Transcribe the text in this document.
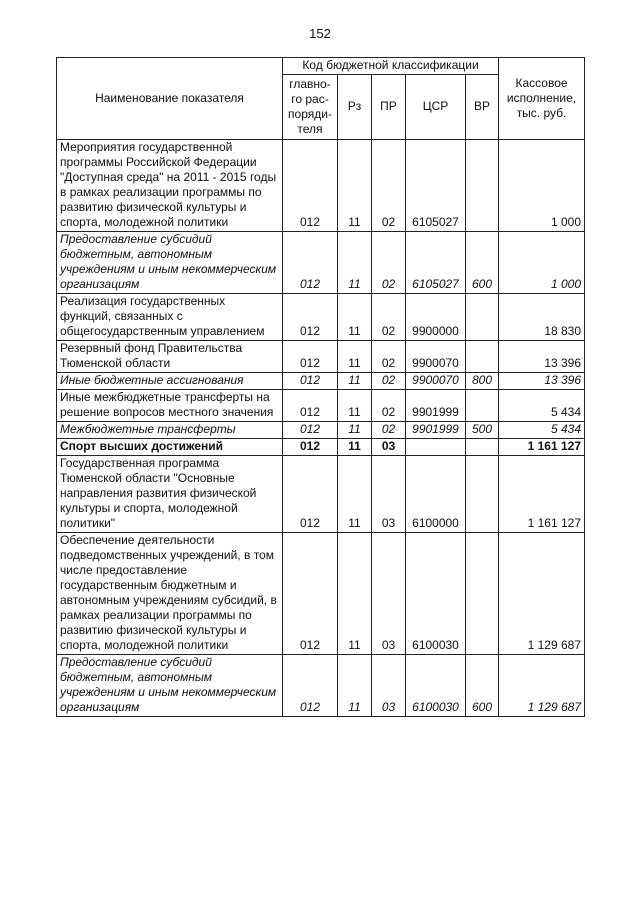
152
Наименование показателя	Код бюджетной классификации					Кассовое исполнение, тыс. руб.
	главно-го рас-поряди-теля	Рз	ПР	ЦСР	ВР	
Мероприятия государственной программы Российской Федерации "Доступная среда" на 2011 - 2015 годы в рамках реализации программы по развитию физической культуры и спорта, молодежной политики	012	11	02	6105027		1 000
Предоставление субсидий бюджетным, автономным учреждениям и иным некоммерческим организациям	012	11	02	6105027	600	1 000
Реализация государственных функций, связанных с общегосударственным управлением	012	11	02	9900000		18 830
Резервный фонд Правительства Тюменской области	012	11	02	9900070		13 396
Иные бюджетные ассигнования	012	11	02	9900070	800	13 396
Иные межбюджетные трансферты на решение вопросов местного значения	012	11	02	9901999		5 434
Межбюджетные трансферты	012	11	02	9901999	500	5 434
Спорт высших достижений	012	11	03			1 161 127
Государственная программа Тюменской области "Основные направления развития физической культуры и спорта, молодежной политики"	012	11	03	6100000		1 161 127
Обеспечение деятельности подведомственных учреждений, в том числе предоставление государственным бюджетным и автономным учреждениям субсидий, в рамках реализации программы по развитию физической культуры и спорта, молодежной политики	012	11	03	6100030		1 129 687
Предоставление субсидий бюджетным, автономным учреждениям и иным некоммерческим организациям	012	11	03	6100030	600	1 129 687
